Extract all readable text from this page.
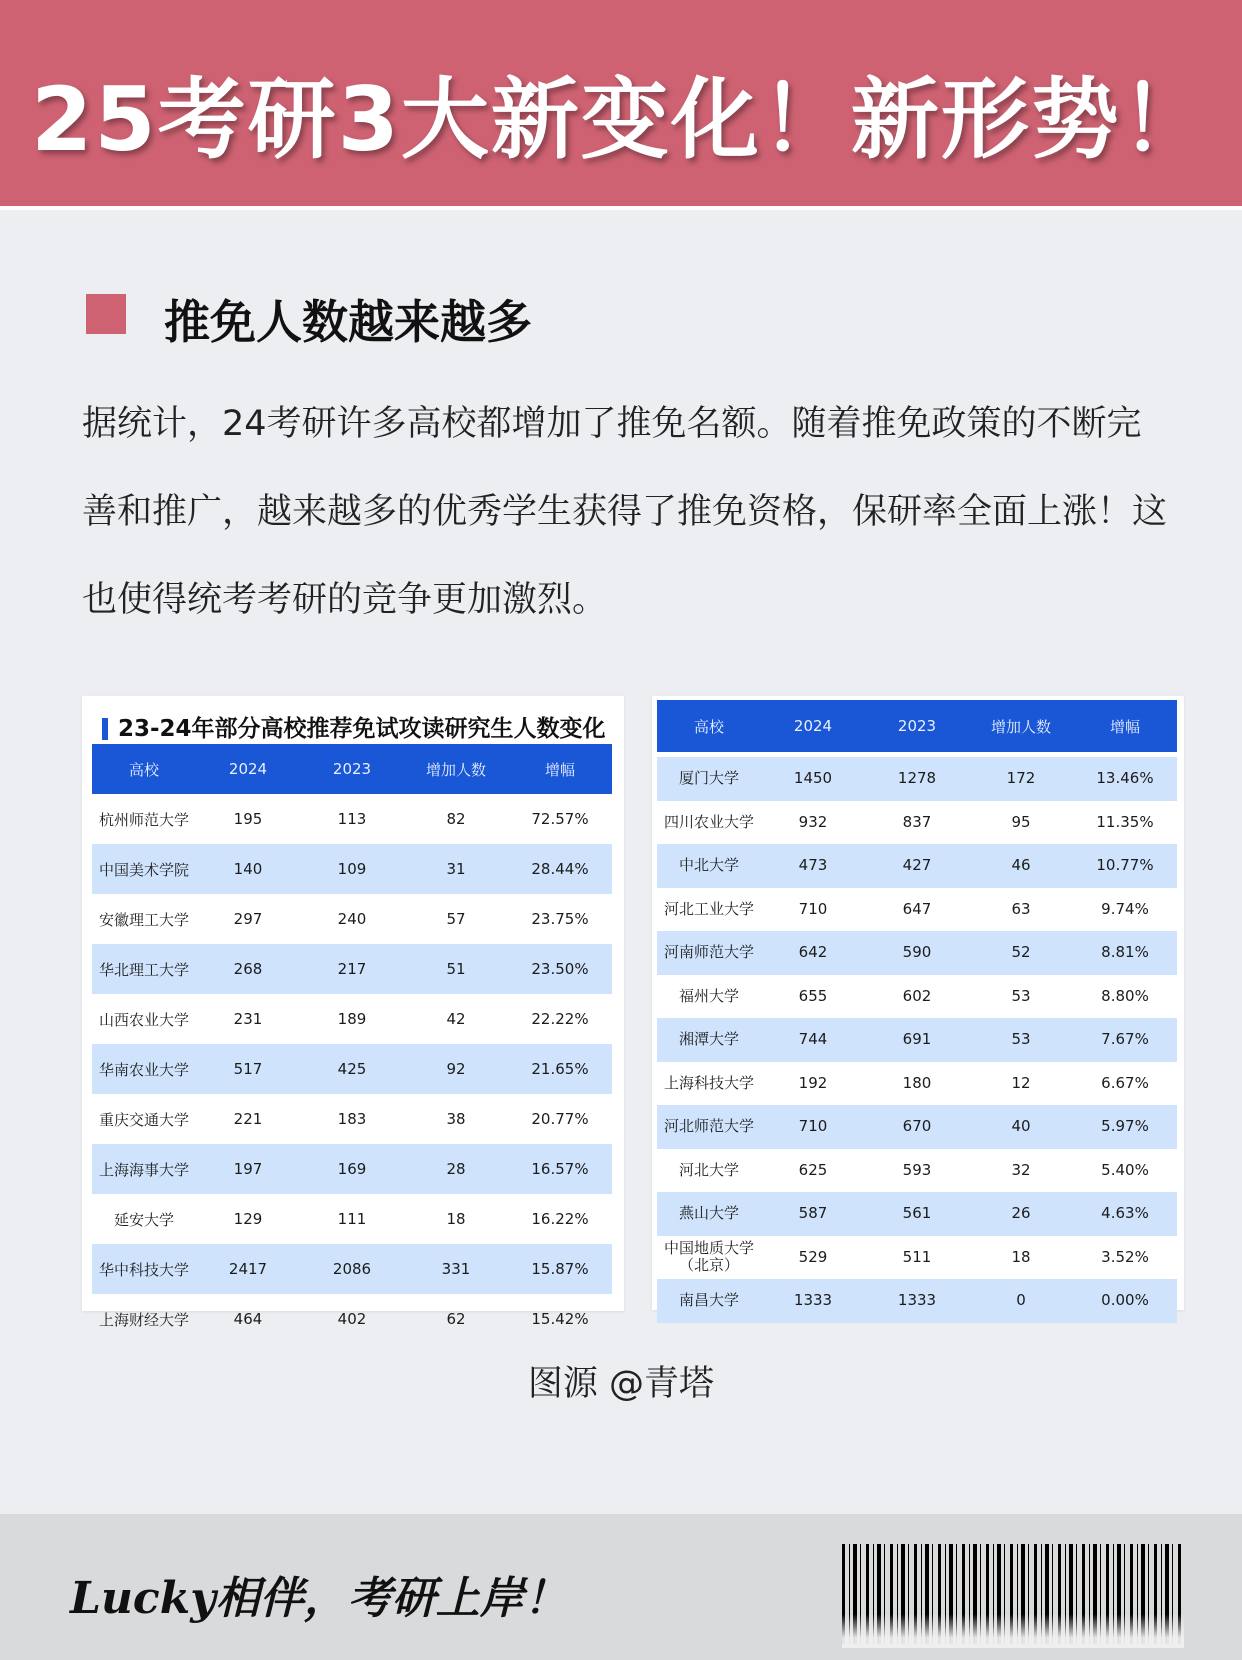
25考研3大新变化！新形势！
推免人数越来越多
据统计，24考研许多高校都增加了推免名额。随着推免政策的不断完善和推广，越来越多的优秀学生获得了推免资格，保研率全面上涨！这也使得统考考研的竞争更加激烈。
23-24年部分高校推荐免试攻读研究生人数变化
高校	2024	2023	增加人数	增幅
杭州师范大学	195	113	82	72.57%
中国美术学院	140	109	31	28.44%
安徽理工大学	297	240	57	23.75%
华北理工大学	268	217	51	23.50%
山西农业大学	231	189	42	22.22%
华南农业大学	517	425	92	21.65%
重庆交通大学	221	183	38	20.77%
上海海事大学	197	169	28	16.57%
延安大学	129	111	18	16.22%
华中科技大学	2417	2086	331	15.87%
上海财经大学	464	402	62	15.42%
高校	2024	2023	增加人数	增幅
厦门大学	1450	1278	172	13.46%
四川农业大学	932	837	95	11.35%
中北大学	473	427	46	10.77%
河北工业大学	710	647	63	9.74%
河南师范大学	642	590	52	8.81%
福州大学	655	602	53	8.80%
湘潭大学	744	691	53	7.67%
上海科技大学	192	180	12	6.67%
河北师范大学	710	670	40	5.97%
河北大学	625	593	32	5.40%
燕山大学	587	561	26	4.63%
中国地质大学（北京）	529	511	18	3.52%
南昌大学	1333	1333	0	0.00%
图源 @青塔
Lucky相伴，考研上岸！
